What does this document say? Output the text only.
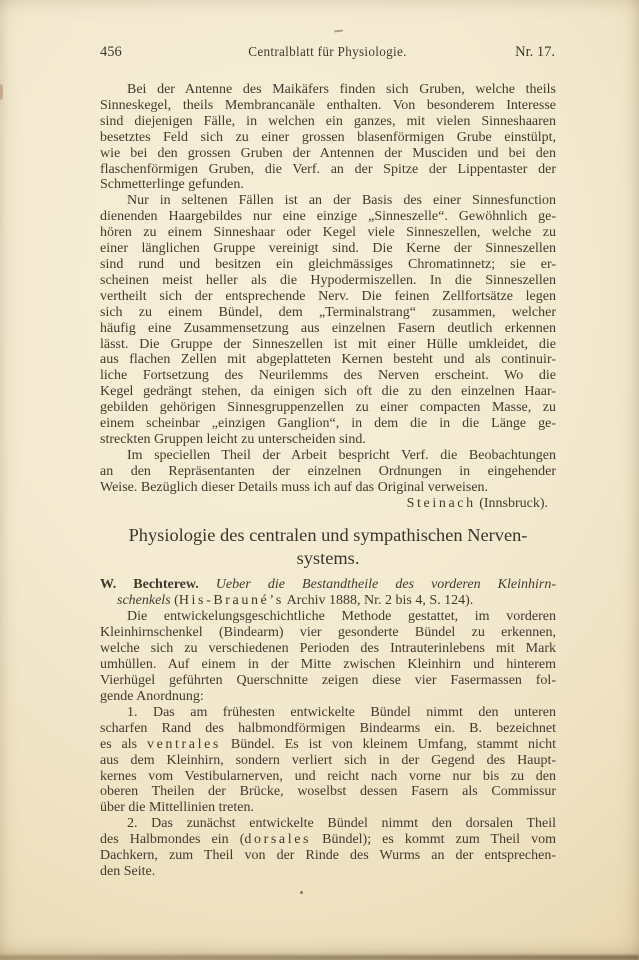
456	Centralblatt für Physiologie.	Nr. 17.
Bei der Antenne des Maikäfers finden sich Gruben, welche theils
Sinneskegel, theils Membrancanäle enthalten. Von besonderem Interesse
sind diejenigen Fälle, in welchen ein ganzes, mit vielen Sinneshaaren
besetztes Feld sich zu einer grossen blasenförmigen Grube einstülpt,
wie bei den grossen Gruben der Antennen der Musciden und bei den
flaschenförmigen Gruben, die Verf. an der Spitze der Lippentaster der
Schmetterlinge gefunden.
Nur in seltenen Fällen ist an der Basis des einer Sinnesfunction
dienenden Haargebildes nur eine einzige „Sinneszelle“. Gewöhnlich ge-
hören zu einem Sinneshaar oder Kegel viele Sinneszellen, welche zu
einer länglichen Gruppe vereinigt sind. Die Kerne der Sinneszellen
sind rund und besitzen ein gleichmässiges Chromatinnetz; sie er-
scheinen meist heller als die Hypodermiszellen. In die Sinneszellen
vertheilt sich der entsprechende Nerv. Die feinen Zellfortsätze legen
sich zu einem Bündel, dem „Terminalstrang“ zusammen, welcher
häufig eine Zusammensetzung aus einzelnen Fasern deutlich erkennen
lässt. Die Gruppe der Sinneszellen ist mit einer Hülle umkleidet, die
aus flachen Zellen mit abgeplatteten Kernen besteht und als continuir-
liche Fortsetzung des Neurilemms des Nerven erscheint. Wo die
Kegel gedrängt stehen, da einigen sich oft die zu den einzelnen Haar-
gebilden gehörigen Sinnesgruppenzellen zu einer compacten Masse, zu
einem scheinbar „einzigen Ganglion“, in dem die in die Länge ge-
streckten Gruppen leicht zu unterscheiden sind.
Im speciellen Theil der Arbeit bespricht Verf. die Beobachtungen
an den Repräsentanten der einzelnen Ordnungen in eingehender
Weise. Bezüglich dieser Details muss ich auf das Original verweisen.
Steinach (Innsbruck).
Physiologie des centralen und sympathischen Nerven-
systems.
W. Bechterew. Ueber die Bestandtheile des vorderen Kleinhirn-
schenkels (His-Brauné’s Archiv 1888, Nr. 2 bis 4, S. 124).
Die entwickelungsgeschichtliche Methode gestattet, im vorderen
Kleinhirnschenkel (Bindearm) vier gesonderte Bündel zu erkennen,
welche sich zu verschiedenen Perioden des Intrauterinlebens mit Mark
umhüllen. Auf einem in der Mitte zwischen Kleinhirn und hinterem
Vierhügel geführten Querschnitte zeigen diese vier Fasermassen fol-
gende Anordnung:
1. Das am frühesten entwickelte Bündel nimmt den unteren
scharfen Rand des halbmondförmigen Bindearms ein. B. bezeichnet
es als ventrales Bündel. Es ist von kleinem Umfang, stammt nicht
aus dem Kleinhirn, sondern verliert sich in der Gegend des Haupt-
kernes vom Vestibularnerven, und reicht nach vorne nur bis zu den
oberen Theilen der Brücke, woselbst dessen Fasern als Commissur
über die Mittellinien treten.
2. Das zunächst entwickelte Bündel nimmt den dorsalen Theil
des Halbmondes ein (dorsales Bündel); es kommt zum Theil vom
Dachkern, zum Theil von der Rinde des Wurms an der entsprechen-
den Seite.
